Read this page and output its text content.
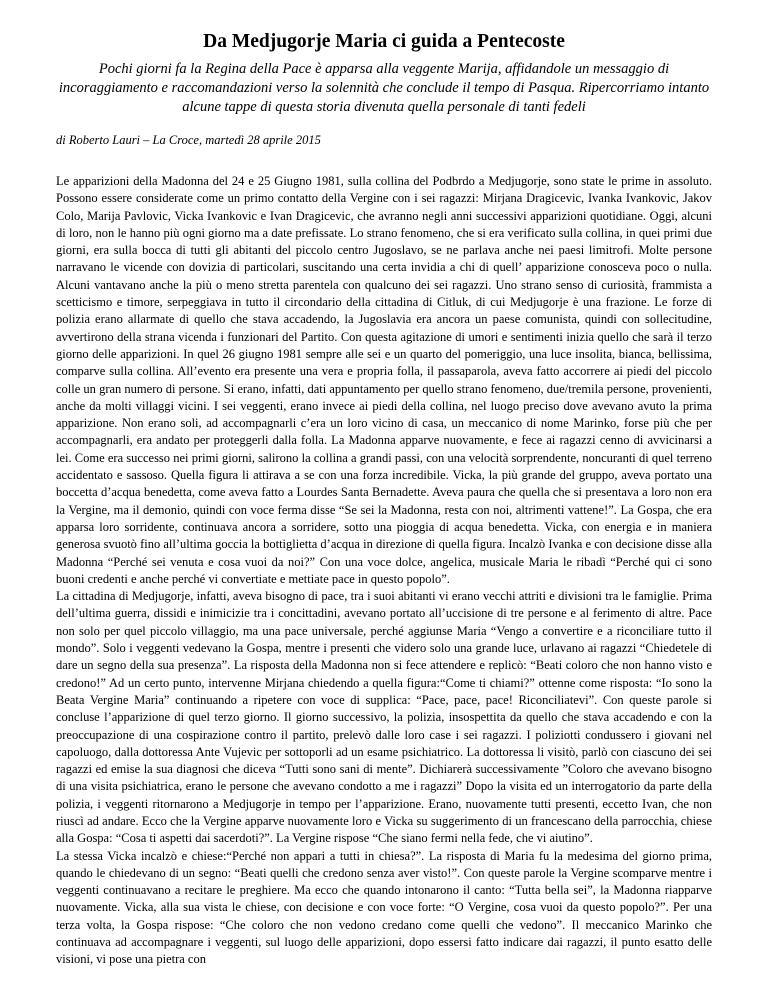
Da Medjugorje Maria ci guida a Pentecoste
Pochi giorni fa la Regina della Pace è apparsa alla veggente Marija, affidandole un messaggio di incoraggiamento e raccomandazioni verso la solennità che conclude il tempo di Pasqua. Ripercorriamo intanto alcune tappe di questa storia divenuta quella personale di tanti fedeli
di Roberto Lauri – La Croce, martedì 28 aprile 2015

Le apparizioni della Madonna del 24 e 25 Giugno 1981, sulla collina del Podbrdo a Medjugorje, sono state le prime in assoluto. Possono essere considerate come un primo contatto della Vergine con i sei ragazzi: Mirjana Dragicevic, Ivanka Ivankovic, Jakov Colo, Marija Pavlovic, Vicka Ivankovic e Ivan Dragicevic, che avranno negli anni successivi apparizioni quotidiane. Oggi, alcuni di loro, non le hanno più ogni giorno ma a date prefissate. Lo strano fenomeno, che si era verificato sulla collina, in quei primi due giorni, era sulla bocca di tutti gli abitanti del piccolo centro Jugoslavo, se ne parlava anche nei paesi limitrofi. Molte persone narravano le vicende con dovizia di particolari, suscitando una certa invidia a chi di quell’ apparizione conosceva poco o nulla. Alcuni vantavano anche la più o meno stretta parentela con qualcuno dei sei ragazzi. Uno strano senso di curiosità, frammista a scetticismo e timore, serpeggiava in tutto il circondario della cittadina di Citluk, di cui Medjugorje è una frazione. Le forze di polizia erano allarmate di quello che stava accadendo, la Jugoslavia era ancora un paese comunista, quindi con sollecitudine, avvertirono della strana vicenda i funzionari del Partito. Con questa agitazione di umori e sentimenti inizia quello che sarà il terzo giorno delle apparizioni. In quel 26 giugno 1981 sempre alle sei e un quarto del pomeriggio, una luce insolita, bianca, bellissima, comparve sulla collina. All’evento era presente una vera e propria folla, il passaparola, aveva fatto accorrere ai piedi del piccolo colle un gran numero di persone. Si erano, infatti, dati appuntamento per quello strano fenomeno, due/tremila persone, provenienti, anche da molti villaggi vicini. I sei veggenti, erano invece ai piedi della collina, nel luogo preciso dove avevano avuto la prima apparizione. Non erano soli, ad accompagnarli c’era un loro vicino di casa, un meccanico di nome Marinko, forse più che per accompagnarli, era andato per proteggerli dalla folla. La Madonna apparve nuovamente, e fece ai ragazzi cenno di avvicinarsi a lei. Come era successo nei primi giorni, salirono la collina a grandi passi, con una velocità sorprendente, noncuranti di quel terreno accidentato e sassoso. Quella figura li attirava a se con una forza incredibile. Vicka, la più grande del gruppo, aveva portato una boccetta d’acqua benedetta, come aveva fatto a Lourdes Santa Bernadette. Aveva paura che quella che si presentava a loro non era la Vergine, ma il demonio, quindi con voce ferma disse “Se sei la Madonna, resta con noi, altrimenti vattene!”. La Gospa, che era apparsa loro sorridente, continuava ancora a sorridere, sotto una pioggia di acqua benedetta. Vicka, con energia e in maniera generosa svuotò fino all’ultima goccia la bottiglietta d’acqua in direzione di quella figura. Incalzò Ivanka e con decisione disse alla Madonna “Perché sei venuta e cosa vuoi da noi?” Con una voce dolce, angelica, musicale Maria le ribadì “Perché qui ci sono buoni credenti e anche perché vi convertiate e mettiate pace in questo popolo”.

La cittadina di Medjugorje, infatti, aveva bisogno di pace, tra i suoi abitanti vi erano vecchi attriti e divisioni tra le famiglie. Prima dell’ultima guerra, dissidi e inimicizie tra i concittadini, avevano portato all’uccisione di tre persone e al ferimento di altre. Pace non solo per quel piccolo villaggio, ma una pace universale, perché aggiunse Maria “Vengo a convertire e a riconciliare tutto il mondo”. Solo i veggenti vedevano la Gospa, mentre i presenti che videro solo una grande luce, urlavano ai ragazzi “Chiedetele di dare un segno della sua presenza”. La risposta della Madonna non si fece attendere e replicò: “Beati coloro che non hanno visto e credono!” Ad un certo punto, intervenne Mirjana chiedendo a quella figura:“Come ti chiami?” ottenne come risposta: “Io sono la Beata Vergine Maria” continuando a ripetere con voce di supplica: “Pace, pace, pace! Riconciliatevi”. Con queste parole si concluse l’apparizione di quel terzo giorno. Il giorno successivo, la polizia, insospettita da quello che stava accadendo e con la preoccupazione di una cospirazione contro il partito, prelevò dalle loro case i sei ragazzi. I poliziotti condussero i giovani nel capoluogo, dalla dottoressa Ante Vujevic per sottoporli ad un esame psichiatrico. La dottoressa li visitò, parlò con ciascuno dei sei ragazzi ed emise la sua diagnosi che diceva “Tutti sono sani di mente”. Dichiarerà successivamente ”Coloro che avevano bisogno di una visita psichiatrica, erano le persone che avevano condotto a me i ragazzi” Dopo la visita ed un interrogatorio da parte della polizia, i veggenti ritornarono a Medjugorje in tempo per l’apparizione. Erano, nuovamente tutti presenti, eccetto Ivan, che non riuscì ad andare. Ecco che la Vergine apparve nuovamente loro e Vicka su suggerimento di un francescano della parrocchia, chiese alla Gospa: “Cosa ti aspetti dai sacerdoti?”. La Vergine rispose “Che siano fermi nella fede, che vi aiutino”.

La stessa Vicka incalzò e chiese:“Perché non appari a tutti in chiesa?”. La risposta di Maria fu la medesima del giorno prima, quando le chiedevano di un segno: “Beati quelli che credono senza aver visto!”. Con queste parole la Vergine scomparve mentre i veggenti continuavano a recitare le preghiere. Ma ecco che quando intonarono il canto: “Tutta bella sei”, la Madonna riapparve nuovamente. Vicka, alla sua vista le chiese, con decisione e con voce forte: “O Vergine, cosa vuoi da questo popolo?”. Per una terza volta, la Gospa rispose: “Che coloro che non vedono credano come quelli che vedono”. Il meccanico Marinko che continuava ad accompagnare i veggenti, sul luogo delle apparizioni, dopo essersi fatto indicare dai ragazzi, il punto esatto delle visioni, vi pose una pietra con
